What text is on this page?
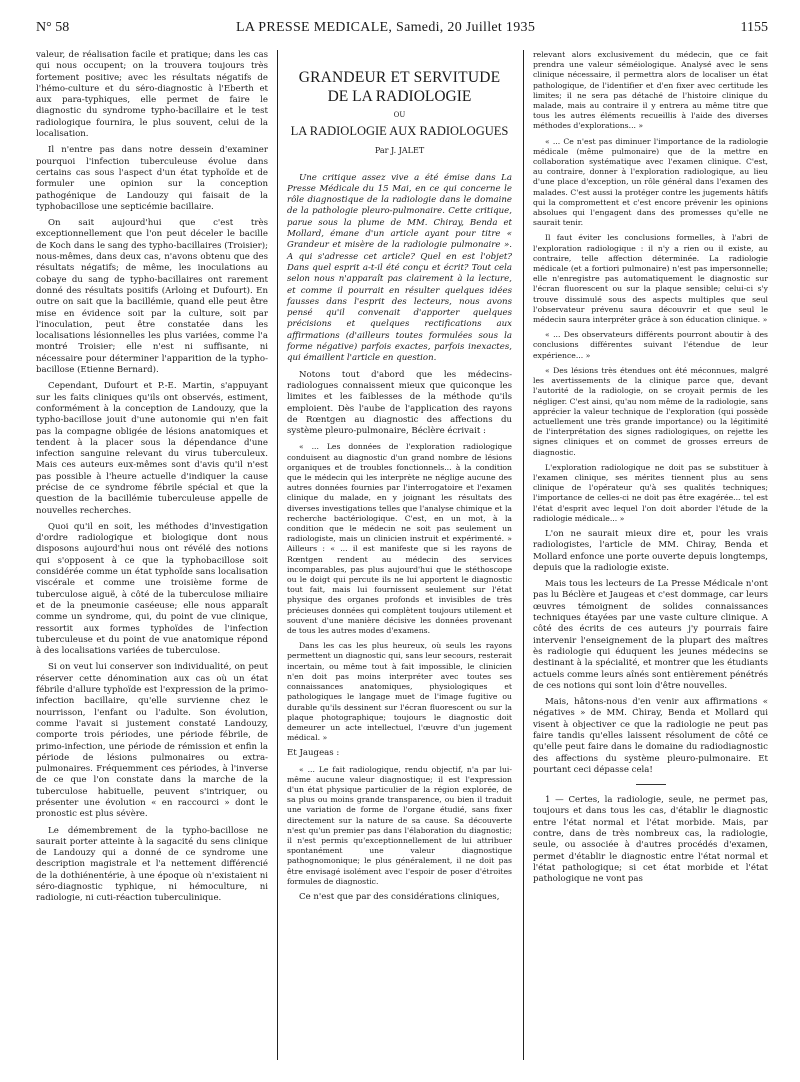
N° 58	LA PRESSE MEDICALE, Samedi, 20 Juillet 1935	1155

valeur, de réalisation facile et pratique; dans les cas qui nous occupent; on la trouvera toujours très fortement positive; avec les résultats négatifs de l'hémo-culture et du séro-diagnostic à l'Eberth et aux para-typhiques, elle permet de faire le diagnostic du syndrome typho-bacillaire et le test radiologique fournira, le plus souvent, celui de la localisation.

Il n'entre pas dans notre dessein d'examiner pourquoi l'infection tuberculeuse évolue dans certains cas sous l'aspect d'un état typhoïde et de formuler une opinion sur la conception pathogénique de Landouzy qui faisait de la typhobacillose une septicémie bacillaire.

On sait aujourd'hui que c'est très exceptionnellement que l'on peut déceler le bacille de Koch dans le sang des typho-bacillaires (Troisier); nous-mêmes, dans deux cas, n'avons obtenu que des résultats négatifs; de même, les inoculations au cobaye du sang de typho-bacillaires ont rarement donné des résultats positifs (Arloing et Dufourt). En outre on sait que la bacillémie, quand elle peut être mise en évidence soit par la culture, soit par l'inoculation, peut être constatée dans les localisations lésionnelles les plus variées, comme l'a montré Troisier; elle n'est ni suffisante, ni nécessaire pour déterminer l'apparition de la typho-bacillose (Etienne Bernard).

Cependant, Dufourt et P.-E. Martin, s'appuyant sur les faits cliniques qu'ils ont observés, estiment, conformément à la conception de Landouzy, que la typho-bacillose jouit d'une autonomie qui n'en fait pas la compagne obligée de lésions anatomiques et tendent à la placer sous la dépendance d'une infection sanguine relevant du virus tuberculeux. Mais ces auteurs eux-mêmes sont d'avis qu'il n'est pas possible à l'heure actuelle d'indiquer la cause précise de ce syndrome fébrile spécial et que la question de la bacillémie tuberculeuse appelle de nouvelles recherches.

Quoi qu'il en soit, les méthodes d'investigation d'ordre radiologique et biologique dont nous disposons aujourd'hui nous ont révélé des notions qui s'opposent à ce que la typhobacillose soit considérée comme un état typhoïde sans localisation viscérale et comme une troisième forme de tuberculose aiguë, à côté de la tuberculose miliaire et de la pneumonie caséeuse; elle nous apparaît comme un syndrome, qui, du point de vue clinique, ressortit aux formes typhoïdes de l'infection tuberculeuse et du point de vue anatomique répond à des localisations variées de tuberculose.

Si on veut lui conserver son individualité, on peut réserver cette dénomination aux cas où un état fébrile d'allure typhoïde est l'expression de la primo-infection bacillaire, qu'elle survienne chez le nourrisson, l'enfant ou l'adulte. Son évolution, comme l'avait si justement constaté Landouzy, comporte trois périodes, une période fébrile, de primo-infection, une période de rémission et enfin la période de lésions pulmonaires ou extra-pulmonaires. Fréquemment ces périodes, à l'inverse de ce que l'on constate dans la marche de la tuberculose habituelle, peuvent s'intriquer, ou présenter une évolution « en raccourci » dont le pronostic est plus sévère.

Le démembrement de la typho-bacillose ne saurait porter atteinte à la sagacité du sens clinique de Landouzy qui a donné de ce syndrome une description magistrale et l'a nettement différencié de la dothiénentérie, à une époque où n'existaient ni séro-diagnostic typhique, ni hémoculture, ni radiologie, ni cuti-réaction tuberculinique.

GRANDEUR ET SERVITUDE
DE LA RADIOLOGIE
OU
LA RADIOLOGIE AUX RADIOLOGUES
Par J. JALET

Une critique assez vive a été émise dans La Presse Médicale du 15 Mai, en ce qui concerne le rôle diagnostique de la radiologie dans le domaine de la pathologie pleuro-pulmonaire. Cette critique, parue sous la plume de MM. Chiray, Benda et Mollard, émane d'un article ayant pour titre « Grandeur et misère de la radiologie pulmonaire ». A qui s'adresse cet article? Quel en est l'objet? Dans quel esprit a-t-il été conçu et écrit? Tout cela selon nous n'apparaît pas clairement à la lecture, et comme il pourrait en résulter quelques idées fausses dans l'esprit des lecteurs, nous avons pensé qu'il convenait d'apporter quelques précisions et quelques rectifications aux affirmations (d'ailleurs toutes formulées sous la forme négative) parfois exactes, parfois inexactes, qui émaillent l'article en question.

Notons tout d'abord que les médecins-radiologues connaissent mieux que quiconque les limites et les faiblesses de la méthode qu'ils emploient. Dès l'aube de l'application des rayons de Rœntgen au diagnostic des affections du système pleuro-pulmonaire, Béclère écrivait :

« ... Les données de l'exploration radiologique conduisent au diagnostic d'un grand nombre de lésions organiques et de troubles fonctionnels... à la condition que le médecin qui les interprète ne néglige aucune des autres données fournies par l'interrogatoire et l'examen clinique du malade, en y joignant les résultats des diverses investigations telles que l'analyse chimique et la recherche bactériologique. C'est, en un mot, à la condition que le médecin ne soit pas seulement un radiologiste, mais un clinicien instruit et expérimenté. » Ailleurs : « ... il est manifeste que si les rayons de Rœntgen rendent au médecin des services incomparables, pas plus aujourd'hui que le stéthoscope ou le doigt qui percute ils ne lui apportent le diagnostic tout fait, mais lui fournissent seulement sur l'état physique des organes profonds et invisibles de très précieuses données qui complètent toujours utilement et souvent d'une manière décisive les données provenant de tous les autres modes d'examens.

Dans les cas les plus heureux, où seuls les rayons permettent un diagnostic qui, sans leur secours, resterait incertain, ou même tout à fait impossible, le clinicien n'en doit pas moins interpréter avec toutes ses connaissances anatomiques, physiologiques et pathologiques le langage muet de l'image fugitive ou durable qu'ils dessinent sur l'écran fluorescent ou sur la plaque photographique; toujours le diagnostic doit demeurer un acte intellectuel, l'œuvre d'un jugement médical. »

Et Jaugeas :

« ... Le fait radiologique, rendu objectif, n'a par lui-même aucune valeur diagnostique; il est l'expression d'un état physique particulier de la région explorée, de sa plus ou moins grande transparence, ou bien il traduit une variation de forme de l'organe étudié, sans fixer directement sur la nature de sa cause. Sa découverte n'est qu'un premier pas dans l'élaboration du diagnostic; il n'est permis qu'exceptionnellement de lui attribuer spontanément une valeur diagnostique pathognomonique; le plus généralement, il ne doit pas être envisagé isolément avec l'espoir de poser d'étroites formules de diagnostic.

Ce n'est que par des considérations cliniques,

relevant alors exclusivement du médecin, que ce fait prendra une valeur séméiologique. Analysé avec le sens clinique nécessaire, il permettra alors de localiser un état pathologique, de l'identifier et d'en fixer avec certitude les limites; il ne sera pas détaché de l'histoire clinique du malade, mais au contraire il y entrera au même titre que tous les autres éléments recueillis à l'aide des diverses méthodes d'explorations... »

« ... Ce n'est pas diminuer l'importance de la radiologie médicale (même pulmonaire) que de la mettre en collaboration systématique avec l'examen clinique. C'est, au contraire, donner à l'exploration radiologique, au lieu d'une place d'exception, un rôle général dans l'examen des malades. C'est aussi la protéger contre les jugements hâtifs qui la compromettent et c'est encore prévenir les opinions absolues qui l'engagent dans des promesses qu'elle ne saurait tenir.

Il faut éviter les conclusions formelles, à l'abri de l'exploration radiologique : il n'y a rien ou il existe, au contraire, telle affection déterminée. La radiologie médicale (et a fortiori pulmonaire) n'est pas impersonnelle; elle n'enregistre pas automatiquement le diagnostic sur l'écran fluorescent ou sur la plaque sensible; celui-ci s'y trouve dissimulé sous des aspects multiples que seul l'observateur prévenu saura découvrir et que seul le médecin saura interpréter grâce à son éducation clinique. »

« ... Des observateurs différents pourront aboutir à des conclusions différentes suivant l'étendue de leur expérience... »

« Des lésions très étendues ont été méconnues, malgré les avertissements de la clinique parce que, devant l'autorité de la radiologie, on se croyait permis de les négliger. C'est ainsi, qu'au nom même de la radiologie, sans apprécier la valeur technique de l'exploration (qui possède actuellement une très grande importance) ou la légitimité de l'interprétation des signes radiologiques, on rejette les signes cliniques et on commet de grosses erreurs de diagnostic.

L'exploration radiologique ne doit pas se substituer à l'examen clinique, ses mérites tiennent plus au sens clinique de l'opérateur qu'à ses qualités techniques; l'importance de celles-ci ne doit pas être exagérée... tel est l'état d'esprit avec lequel l'on doit aborder l'étude de la radiologie médicale... »

L'on ne saurait mieux dire et, pour les vrais radiologistes, l'article de MM. Chiray, Benda et Mollard enfonce une porte ouverte depuis longtemps, depuis que la radiologie existe.

Mais tous les lecteurs de La Presse Médicale n'ont pas lu Béclère et Jaugeas et c'est dommage, car leurs œuvres témoignent de solides connaissances techniques étayées par une vaste culture clinique. A côté des écrits de ces auteurs j'y pourrais faire intervenir l'enseignement de la plupart des maîtres ès radiologie qui éduquent les jeunes médecins se destinant à la spécialité, et montrer que les étudiants actuels comme leurs aînés sont entièrement pénétrés de ces notions qui sont loin d'être nouvelles.

Mais, hâtons-nous d'en venir aux affirmations « négatives » de MM. Chiray, Benda et Mollard qui visent à objectiver ce que la radiologie ne peut pas faire tandis qu'elles laissent résolument de côté ce qu'elle peut faire dans le domaine du radiodiagnostic des affections du système pleuro-pulmonaire. Et pourtant ceci dépasse cela!

1 — Certes, la radiologie, seule, ne permet pas, toujours et dans tous les cas, d'établir le diagnostic entre l'état normal et l'état morbide. Mais, par contre, dans de très nombreux cas, la radiologie, seule, ou associée à d'autres procédés d'examen, permet d'établir le diagnostic entre l'état normal et l'état pathologique; si cet état morbide et l'état pathologique ne vont pas
